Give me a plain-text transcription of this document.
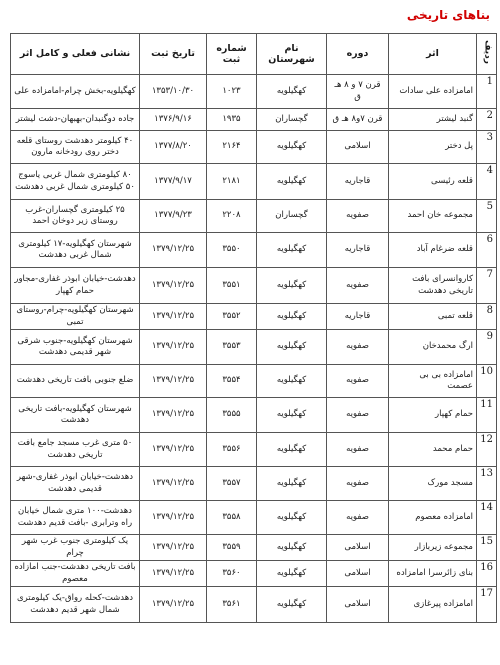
بناهای تاریخی
ردیف	اثر	دوره	نام شهرستان	شماره ثبت	تاریخ ثبت	نشانی فعلی و کامل اثر
1	امامزاده علی سادات	قرن ۷ و ۸ هـ ق	کهگیلویه	۱۰۲۳	۱۳۵۳/۱۰/۳۰	کهگیلویه-بخش چرام-امامزاده علی
2	گنبد لیشتر	قرن ۷و۸ هـ ق	گچساران	۱۹۳۵	۱۳۷۶/۹/۱۶	جاده دوگنبدان-بهبهان-دشت لیشتر
3	پل دختر	اسلامی	کهگیلویه	۲۱۶۴	۱۳۷۷/۸/۲۰	۴۰ کیلومتر دهدشت روستای قلعه دختر روی رودخانه مارون
4	قلعه رئیسی	قاجاریه	کهگیلویه	۲۱۸۱	۱۳۷۷/۹/۱۷	۸۰ کیلومتری شمال غربی یاسوج ۵۰ کیلومتری شمال غربی دهدشت
5	مجموعه خان احمد	صفویه	گچساران	۲۲۰۸	۱۳۷۷/۹/۲۳	۲۵ کیلومتری گچساران-غرب روستای زیر دوخان احمد
6	قلعه ضرغام آباد	قاجاریه	کهگیلویه	۳۵۵۰	۱۳۷۹/۱۲/۲۵	شهرستان کهگیلویه-۱۷ کیلومتری شمال غربی دهدشت
7	کاروانسرای بافت تاریخی دهدشت	صفویه	کهگیلویه	۳۵۵۱	۱۳۷۹/۱۲/۲۵	دهدشت-خیابان ابوذر غفاری-مجاور حمام کهپار
8	قلعه تمبی	قاجاریه	کهگیلویه	۳۵۵۲	۱۳۷۹/۱۲/۲۵	شهرستان کهگیلویه-چرام-روستای تمبی
9	ارگ محمدخان	صفویه	کهگیلویه	۳۵۵۳	۱۳۷۹/۱۲/۲۵	شهرستان کهگیلویه-جنوب شرقی شهر قدیمی دهدشت
10	امامزاده بی بی عصمت	صفویه	کهگیلویه	۳۵۵۴	۱۳۷۹/۱۲/۲۵	ضلع جنوبی بافت تاریخی دهدشت
11	حمام کهپار	صفویه	کهگیلویه	۳۵۵۵	۱۳۷۹/۱۲/۲۵	شهرستان کهگیلویه-بافت تاریخی دهدشت
12	حمام محمد	صفویه	کهگیلویه	۳۵۵۶	۱۳۷۹/۱۲/۲۵	۵۰ متری غرب مسجد جامع بافت تاریخی دهدشت
13	مسجد مورک	صفویه	کهگیلویه	۳۵۵۷	۱۳۷۹/۱۲/۲۵	دهدشت-خیابان ابوذر غفاری-شهر قدیمی دهدشت
14	امامزاده معصوم	صفویه	کهگیلویه	۳۵۵۸	۱۳۷۹/۱۲/۲۵	دهدشت-۱۰۰ متری شمال خیابان راه وترابری -بافت قدیم دهدشت
15	مجموعه زیربازار	اسلامی	کهگیلویه	۳۵۵۹	۱۳۷۹/۱۲/۲۵	یک کیلومتری جنوب غرب شهر چرام
16	بنای زائرسرا امامزاده	اسلامی	کهگیلویه	۳۵۶۰	۱۳۷۹/۱۲/۲۵	بافت تاریخی دهدشت-جنب امازاده معصوم
17	امامزاده پیرغازی	اسلامی	کهگیلویه	۳۵۶۱	۱۳۷۹/۱۲/۲۵	دهدشت-کحله رواق-یک کیلومتری شمال شهر قدیم دهدشت
